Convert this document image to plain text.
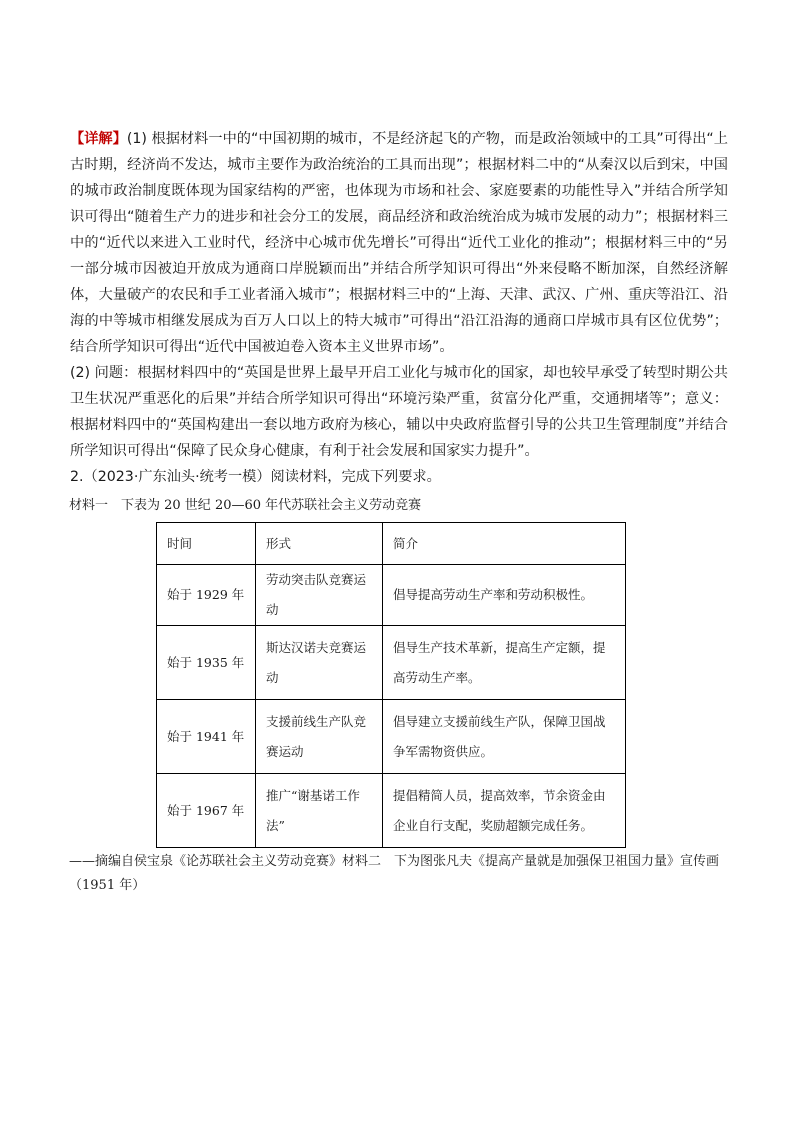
【详解】(1) 根据材料一中的“中国初期的城市，不是经济起飞的产物，而是政治领域中的工具”可得出“上古时期，经济尚不发达，城市主要作为政治统治的工具而出现”；根据材料二中的“从秦汉以后到宋，中国的城市政治制度既体现为国家结构的严密，也体现为市场和社会、家庭要素的功能性导入”并结合所学知识可得出“随着生产力的进步和社会分工的发展，商品经济和政治统治成为城市发展的动力”；根据材料三中的“近代以来进入工业时代，经济中心城市优先增长”可得出“近代工业化的推动”；根据材料三中的“另一部分城市因被迫开放成为通商口岸脱颖而出”并结合所学知识可得出“外来侵略不断加深，自然经济解体，大量破产的农民和手工业者涌入城市”；根据材料三中的“上海、天津、武汉、广州、重庆等沿江、沿海的中等城市相继发展成为百万人口以上的特大城市”可得出“沿江沿海的通商口岸城市具有区位优势”；结合所学知识可得出“近代中国被迫卷入资本主义世界市场”。

(2) 问题：根据材料四中的“英国是世界上最早开启工业化与城市化的国家，却也较早承受了转型时期公共卫生状况严重恶化的后果”并结合所学知识可得出“环境污染严重，贫富分化严重，交通拥堵等”；意义：根据材料四中的“英国构建出一套以地方政府为核心，辅以中央政府监督引导的公共卫生管理制度”并结合所学知识可得出“保障了民众身心健康，有利于社会发展和国家实力提升”。

2.（2023·广东汕头·统考一模）阅读材料，完成下列要求。

材料一　下表为 20 世纪 20—60 年代苏联社会主义劳动竞赛
时间	形式	简介
始于 1929 年	劳动突击队竞赛运动	倡导提高劳动生产率和劳动积极性。
始于 1935 年	斯达汉诺夫竞赛运动	倡导生产技术革新，提高生产定额，提高劳动生产率。
始于 1941 年	支援前线生产队竞赛运动	倡导建立支援前线生产队，保障卫国战争军需物资供应。
始于 1967 年	推广“谢基诺工作法”	提倡精简人员，提高效率，节余资金由企业自行支配，奖励超额完成任务。
——摘编自侯宝泉《论苏联社会主义劳动竞赛》材料二　下为图张凡夫《提高产量就是加强保卫祖国力量》宣传画（1951 年）
